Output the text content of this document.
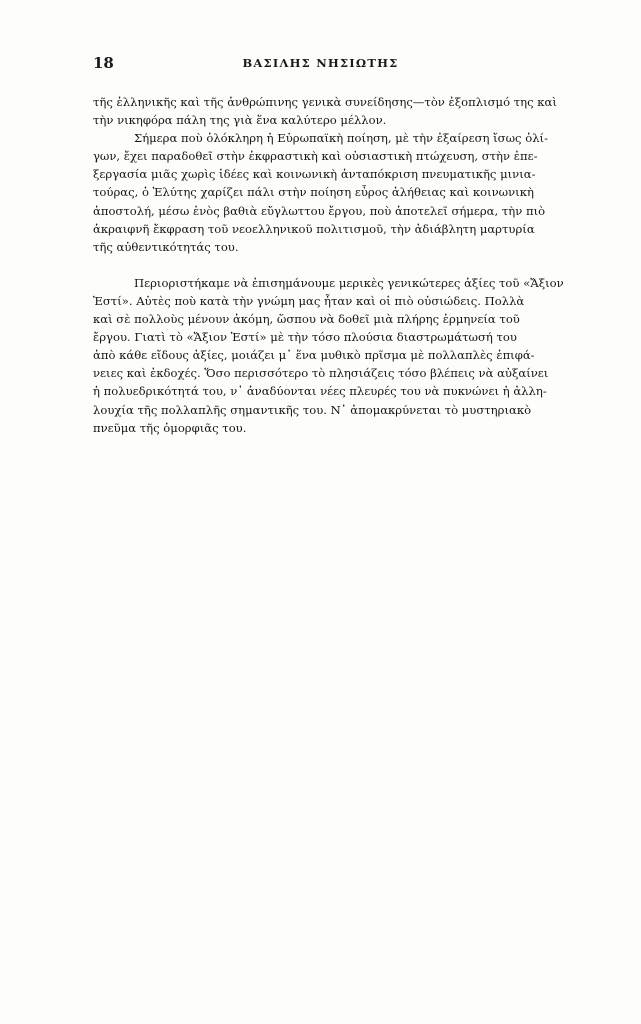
18	ΒΑΣΙΛΗΣ ΝΗΣΙΩΤΗΣ
τῆς ἑλληνικῆς καὶ τῆς ἀνθρώπινης γενικὰ συνείδησης—τὸν ἐξοπλισμό της καὶ
τὴν νικηφόρα πάλη της γιὰ ἕνα καλύτερο μέλλον.
Σήμερα ποὺ ὁλόκληρη ἡ Εὐρωπαϊκὴ ποίηση, μὲ τὴν ἐξαίρεση ἴσως ὀλί-
γων, ἔχει παραδοθεῖ στὴν ἐκφραστικὴ καὶ οὐσιαστικὴ πτώχευση, στὴν ἐπε-
ξεργασία μιᾶς χωρὶς ἰδέες καὶ κοινωνικὴ ἀνταπόκριση πνευματικῆς μινια-
τούρας, ὁ Ἐλύτης χαρίζει πάλι στὴν ποίηση εὖρος ἀλήθειας καὶ κοινωνικὴ
ἀποστολή, μέσω ἑνὸς βαθιὰ εὔγλωττου ἔργου, ποὺ ἀποτελεῖ σήμερα, τὴν πιὸ
ἀκραιφνῆ ἔκφραση τοῦ νεοελληνικοῦ πολιτισμοῦ, τὴν ἀδιάβλητη μαρτυρία
τῆς αὐθεντικότητάς του.
Περιοριστήκαμε νὰ ἐπισημάνουμε μερικὲς γενικώτερες ἀξίες τοῦ «Ἄξιον
Ἐστί». Αὐτὲς ποὺ κατὰ τὴν γνώμη μας ἦταν καὶ οἱ πιὸ οὐσιώδεις. Πολλὰ
καὶ σὲ πολλοὺς μένουν ἀκόμη, ὥσπου νὰ δοθεῖ μιὰ πλήρης ἑρμηνεία τοῦ
ἔργου. Γιατὶ τὸ «Ἄξιον Ἐστί» μὲ τὴν τόσο πλούσια διαστρωμάτωσή του
ἀπὸ κάθε εἴδους ἀξίες, μοιάζει μ᾽ ἕνα μυθικὸ πρῖσμα μὲ πολλαπλὲς ἐπιφά-
νειες καὶ ἐκδοχές. Ὅσο περισσότερο τὸ πλησιάζεις τόσο βλέπεις νὰ αὐξαίνει
ἡ πολυεδρικότητά του, ν᾽ ἀναδύονται νέες πλευρές του νὰ πυκνώνει ἡ ἀλλη-
λουχία τῆς πολλαπλῆς σημαντικῆς του. Ν᾽ ἀπομακρύνεται τὸ μυστηριακὸ
πνεῦμα τῆς ὀμορφιᾶς του.
